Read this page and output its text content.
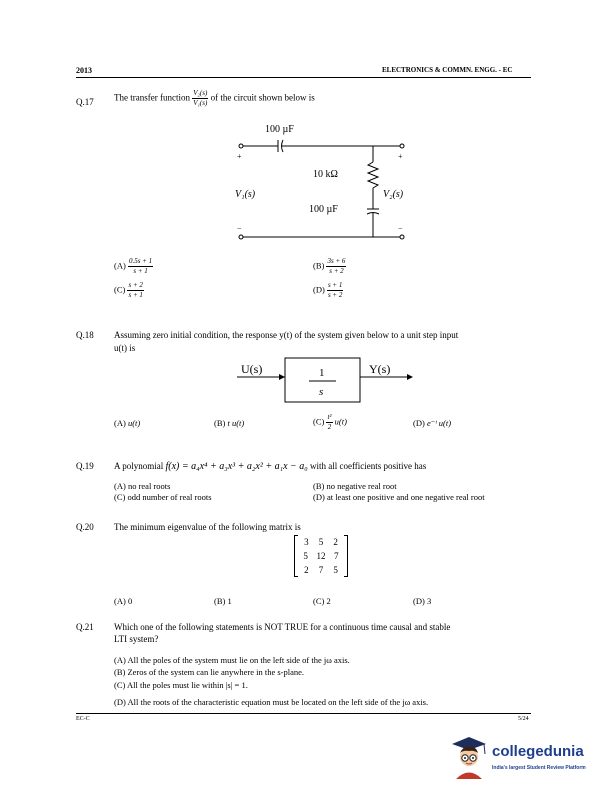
2013	ELECTRONICS & COMMN. ENGG. - EC
Q.17 The transfer function $\frac{\text{V₂(s)}}{\text{V₁(s)}}$ of the circuit shown below is
100 µF
10 kΩ
100 µF
V₁(s)	V₂(s)
+
−
+
−
$(A) \frac{0.5s + 1}{s + 1}$	$(B) \frac{3s + 6}{s + 2}$
$(C) \frac{s + 2}{s + 1}$	$(D) \frac{s + 1}{s + 2}$
Q.18 Assuming zero initial condition, the response y(t) of the system given below to a unit step input
u(t) is
U(s)	Y(s)
1
s
(A) u(t)	(B) t u(t)	$(C) \frac{\text{t²}}{2} u(t)$	(D) e⁻ᵗ u(t)
Q.19 A polynomial f(x) = a₄x⁴ + a₃x³ + a₂x² + a₁x − a₀ with all coefficients positive has
(A) no real roots	(B) no negative real root
(C) odd number of real roots	(D) at least one positive and one negative real root
Q.20 The minimum eigenvalue of the following matrix is
3 5 2
5 12 7
2 7 5
(A) 0	(B) 1	(C) 2	(D) 3
Q.21 Which one of the following statements is NOT TRUE for a continuous time causal and stable
LTI system?
(A) All the poles of the system must lie on the left side of the jω axis.
(B) Zeros of the system can lie anywhere in the s-plane.
(C) All the poles must lie within |s| = 1.
(D) All the roots of the characteristic equation must be located on the left side of the jω axis.
EC-C	5/24
collegedunia
India's largest Student Review Platform
